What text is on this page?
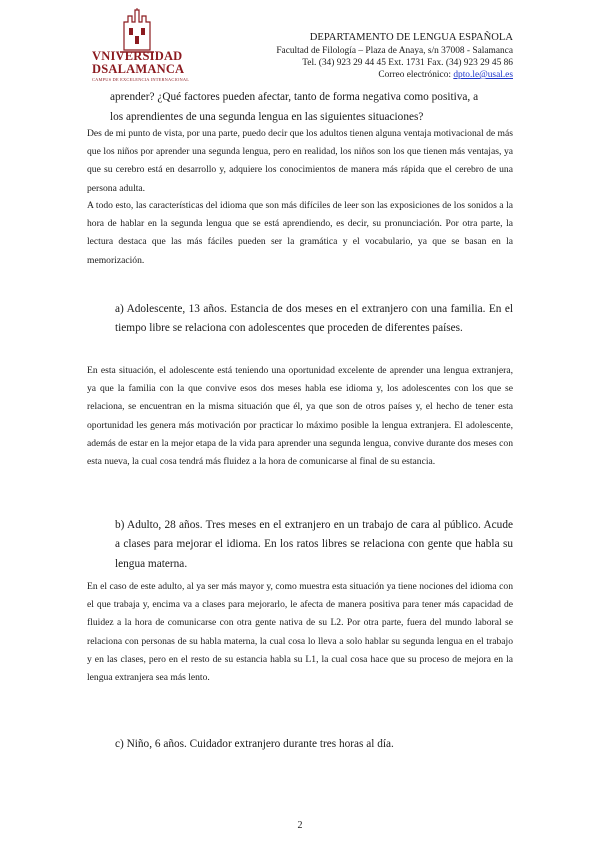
VNIVERSIDAD DSALAMANCA
CAMPUS DE EXCELENCIA INTERNACIONAL
DEPARTAMENTO DE LENGUA ESPAÑOLA
Facultad de Filología – Plaza de Anaya, s/n 37008 - Salamanca
Tel. (34) 923 29 44 45 Ext. 1731 Fax. (34) 923 29 45 86
Correo electrónico: dpto.le@usal.es
aprender? ¿Qué factores pueden afectar, tanto de forma negativa como positiva, a
los aprendientes de una segunda lengua en las siguientes situaciones?
Des de mi punto de vista, por una parte, puedo decir que los adultos tienen alguna ventaja motivacional de más que los niños por aprender una segunda lengua, pero en realidad, los niños son los que tienen más ventajas, ya que su cerebro está en desarrollo y, adquiere los conocimientos de manera más rápida que el cerebro de una persona adulta.
A todo esto, las características del idioma que son más difíciles de leer son las exposiciones de los sonidos a la hora de hablar en la segunda lengua que se está aprendiendo, es decir, su pronunciación. Por otra parte, la lectura destaca que las más fáciles pueden ser la gramática y el vocabulario, ya que se basan en la memorización.
a) Adolescente, 13 años. Estancia de dos meses en el extranjero con una familia. En el tiempo libre se relaciona con adolescentes que proceden de diferentes países.
En esta situación, el adolescente está teniendo una oportunidad excelente de aprender una lengua extranjera, ya que la familia con la que convive esos dos meses habla ese idioma y, los adolescentes con los que se relaciona, se encuentran en la misma situación que él, ya que son de otros países y, el hecho de tener esta oportunidad les genera más motivación por practicar lo máximo posible la lengua extranjera. El adolescente, además de estar en la mejor etapa de la vida para aprender una segunda lengua, convive durante dos meses con esta nueva, la cual cosa tendrá más fluidez a la hora de comunicarse al final de su estancia.
b) Adulto, 28 años. Tres meses en el extranjero en un trabajo de cara al público. Acude a clases para mejorar el idioma. En los ratos libres se relaciona con gente que habla su lengua materna.
En el caso de este adulto, al ya ser más mayor y, como muestra esta situación ya tiene nociones del idioma con el que trabaja y, encima va a clases para mejorarlo, le afecta de manera positiva para tener más capacidad de fluidez a la hora de comunicarse con otra gente nativa de su L2. Por otra parte, fuera del mundo laboral se relaciona con personas de su habla materna, la cual cosa lo lleva a solo hablar su segunda lengua en el trabajo y en las clases, pero en el resto de su estancia habla su L1, la cual cosa hace que su proceso de mejora en la lengua extranjera sea más lento.
c) Niño, 6 años. Cuidador extranjero durante tres horas al día.
2
